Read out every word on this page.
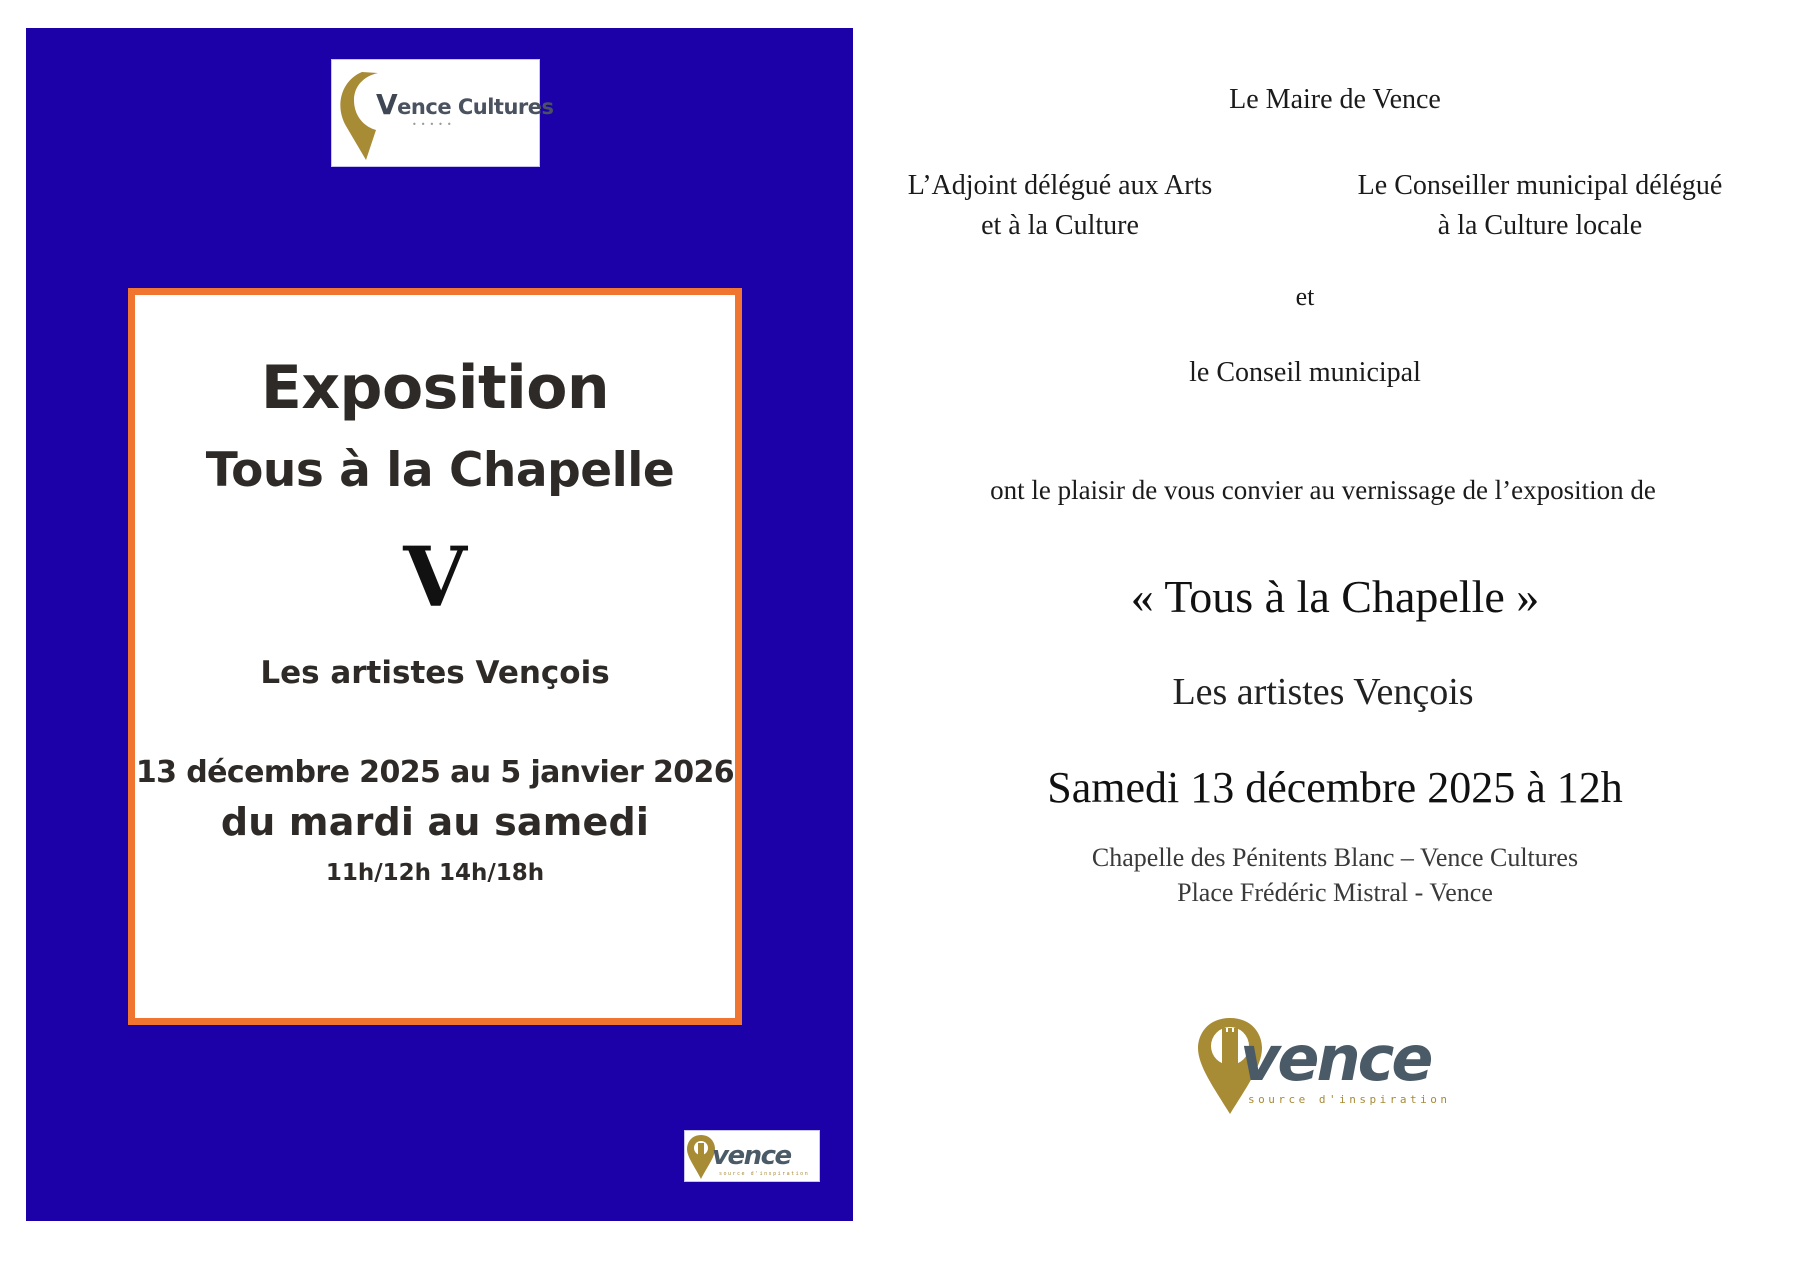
Vence Cultures
•••••
Exposition
Tous à la Chapelle
V
Les artistes Vençois
13 décembre 2025 au 5 janvier 2026
du mardi au samedi
11h/12h 14h/18h
vence
source d'inspiration
Le Maire de Vence
L’Adjoint délégué aux Arts
et à la Culture
Le Conseiller municipal délégué
à la Culture locale
et
le Conseil municipal
ont le plaisir de vous convier au vernissage de l’exposition de
« Tous à la Chapelle »
Les artistes Vençois
Samedi 13 décembre 2025 à 12h
Chapelle des Pénitents Blanc – Vence Cultures
Place Frédéric Mistral - Vence
vence
source d'inspiration
